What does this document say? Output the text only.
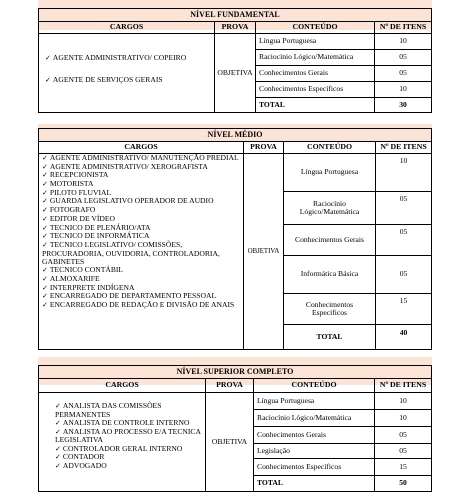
NÍVEL FUNDAMENTAL
CARGOS	PROVA	CONTEÚDO	Nº DE ITENS
✓ AGENTE ADMINISTRATIVO/ COPEIRO
✓ AGENTE DE SERVIÇOS GERAIS
OBJETIVA
Língua Portuguesa	10
Raciocínio Lógico/Matemática	05
Conhecimentos Gerais	05
Conhecimentos Específicos	10
TOTAL	30
NÍVEL MÉDIO
CARGOS	PROVA	CONTEÚDO	Nº DE ITENS
✓ AGENTE ADMINISTRATIVO/ MANUTENÇÃO PREDIAL
✓ AGENTE ADMINISTRATIVO/ XEROGRAFISTA
✓ RECEPCIONISTA
✓ MOTORISTA
✓ PILOTO FLUVIAL
✓ GUARDA LEGISLATIVO OPERADOR DE AUDIO
✓ FOTOGRAFO
✓ EDITOR DE VÍDEO
✓ TECNICO DE PLENÁRIO/ATA
✓ TECNICO DE INFORMÁTICA
✓ TECNICO LEGISLATIVO/ COMISSÕES, PROCURADORIA, OUVIDORIA, CONTROLADORIA, GABINETES
✓ TECNICO CONTÁBIL
✓ ALMOXARIFE
✓ INTERPRETE INDÍGENA
✓ ENCARREGADO DE DEPARTAMENTO PESSOAL
✓ ENCARREGADO DE REDAÇÃO E DIVISÃO DE ANAIS
OBJETIVA
Língua Portuguesa
10
Raciocínio Lógico/Matemática
05
Conhecimentos Gerais
05
Informática Básica	05
Conhecimentos Específicos
15
TOTAL	40
NÍVEL SUPERIOR COMPLETO
CARGOS	PROVA	CONTEÚDO	Nº DE ITENS
✓ ANALISTA DAS COMISSÕES PERMANENTES
✓ ANALISTA DE CONTROLE INTERNO
✓ ANALISTA AO PROCESSO E/A TECNICA LEGISLATIVA
✓ CONTROLADOR GERAL INTERNO
✓ CONTADOR
✓ ADVOGADO
OBJETIVA
Língua Portuguesa	10
Raciocínio Lógico/Matemática	10
Conhecimentos Gerais	05
Legislação	05
Conhecimentos Específicos	15
TOTAL	50
